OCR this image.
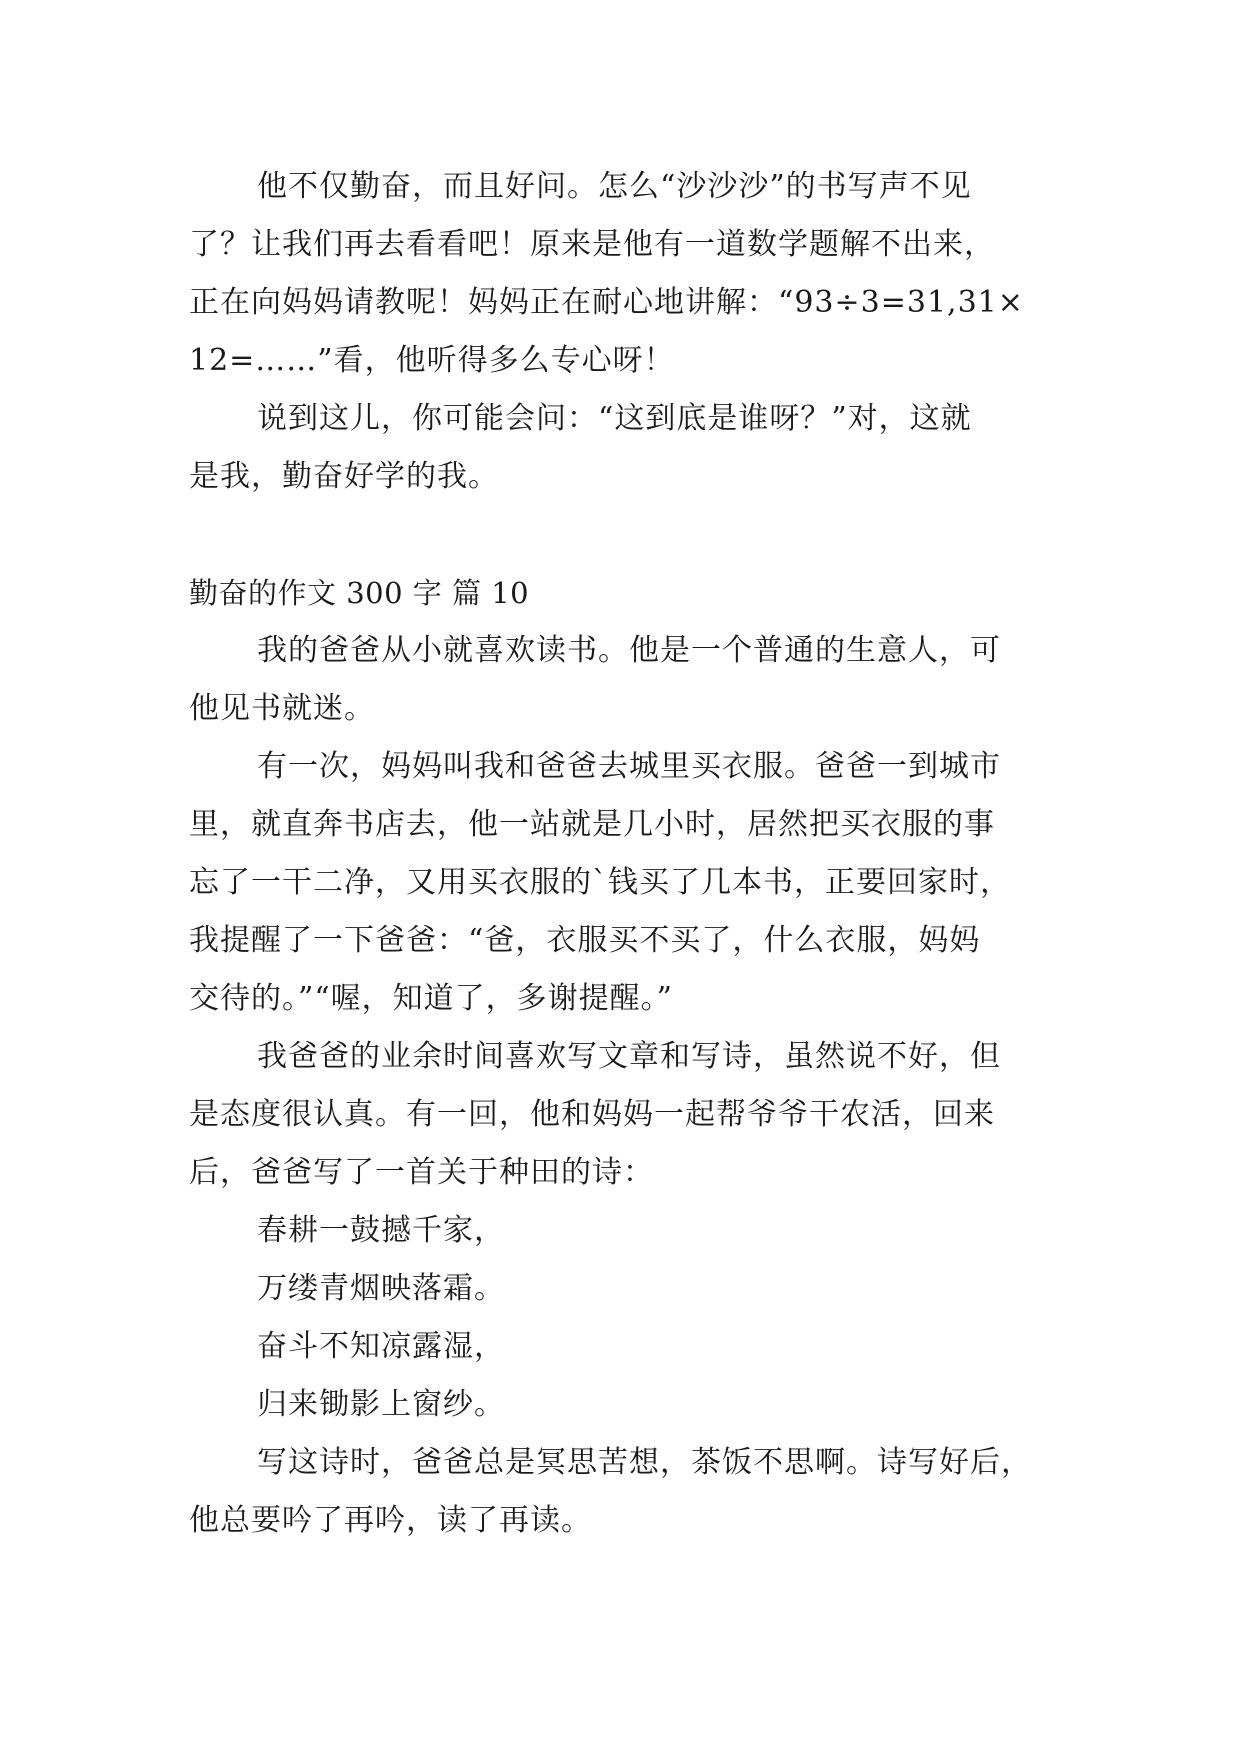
他不仅勤奋，而且好问。怎么“沙沙沙”的书写声不见
了？让我们再去看看吧！原来是他有一道数学题解不出来，
正在向妈妈请教呢！妈妈正在耐心地讲解：“93÷3=31,31×
12=……”看，他听得多么专心呀！
说到这儿，你可能会问：“这到底是谁呀？”对，这就
是我，勤奋好学的我。
勤奋的作文 300 字 篇 10
我的爸爸从小就喜欢读书。他是一个普通的生意人，可
他见书就迷。
有一次，妈妈叫我和爸爸去城里买衣服。爸爸一到城市
里，就直奔书店去，他一站就是几小时，居然把买衣服的事
忘了一干二净，又用买衣服的`钱买了几本书，正要回家时，
我提醒了一下爸爸：“爸，衣服买不买了，什么衣服，妈妈
交待的。”“喔，知道了，多谢提醒。”
我爸爸的业余时间喜欢写文章和写诗，虽然说不好，但
是态度很认真。有一回，他和妈妈一起帮爷爷干农活，回来
后，爸爸写了一首关于种田的诗：
春耕一鼓撼千家，
万缕青烟映落霜。
奋斗不知凉露湿，
归来锄影上窗纱。
写这诗时，爸爸总是冥思苦想，茶饭不思啊。诗写好后，
他总要吟了再吟，读了再读。
